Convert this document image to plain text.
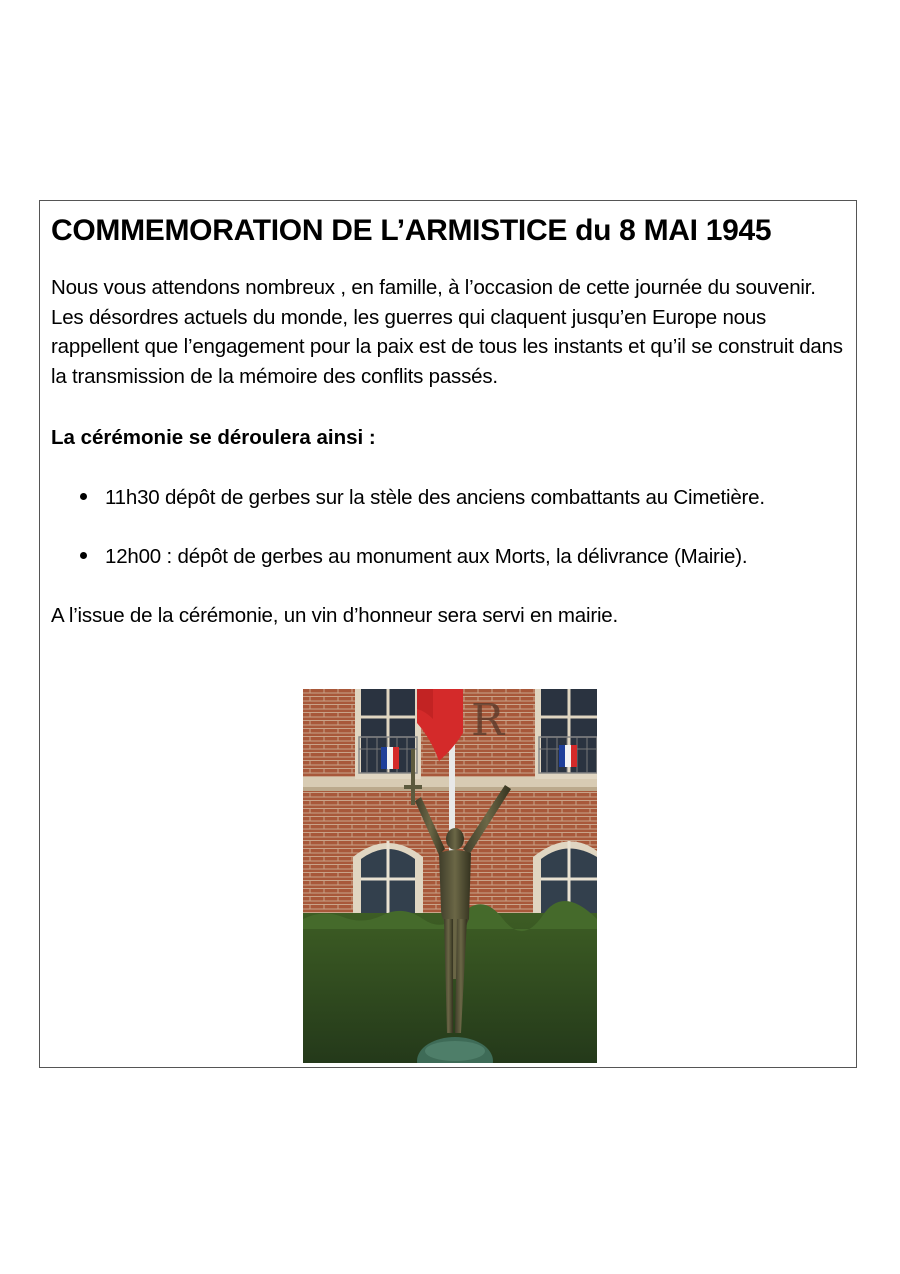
COMMEMORATION DE L’ARMISTICE du 8 MAI 1945

Nous vous attendons nombreux , en famille, à l’occasion de cette journée du souvenir. Les désordres actuels du monde, les guerres qui claquent jusqu’en Europe nous rappellent que l’engagement pour la paix est de tous les instants et qu’il se construit dans la transmission de la mémoire des conflits passés.

La cérémonie se déroulera ainsi :

11h30 dépôt de gerbes sur la stèle des anciens combattants au Cimetière.
12h00 : dépôt de gerbes au monument aux Morts, la délivrance (Mairie).

A l’issue de la cérémonie, un vin d’honneur sera servi en mairie.

R
